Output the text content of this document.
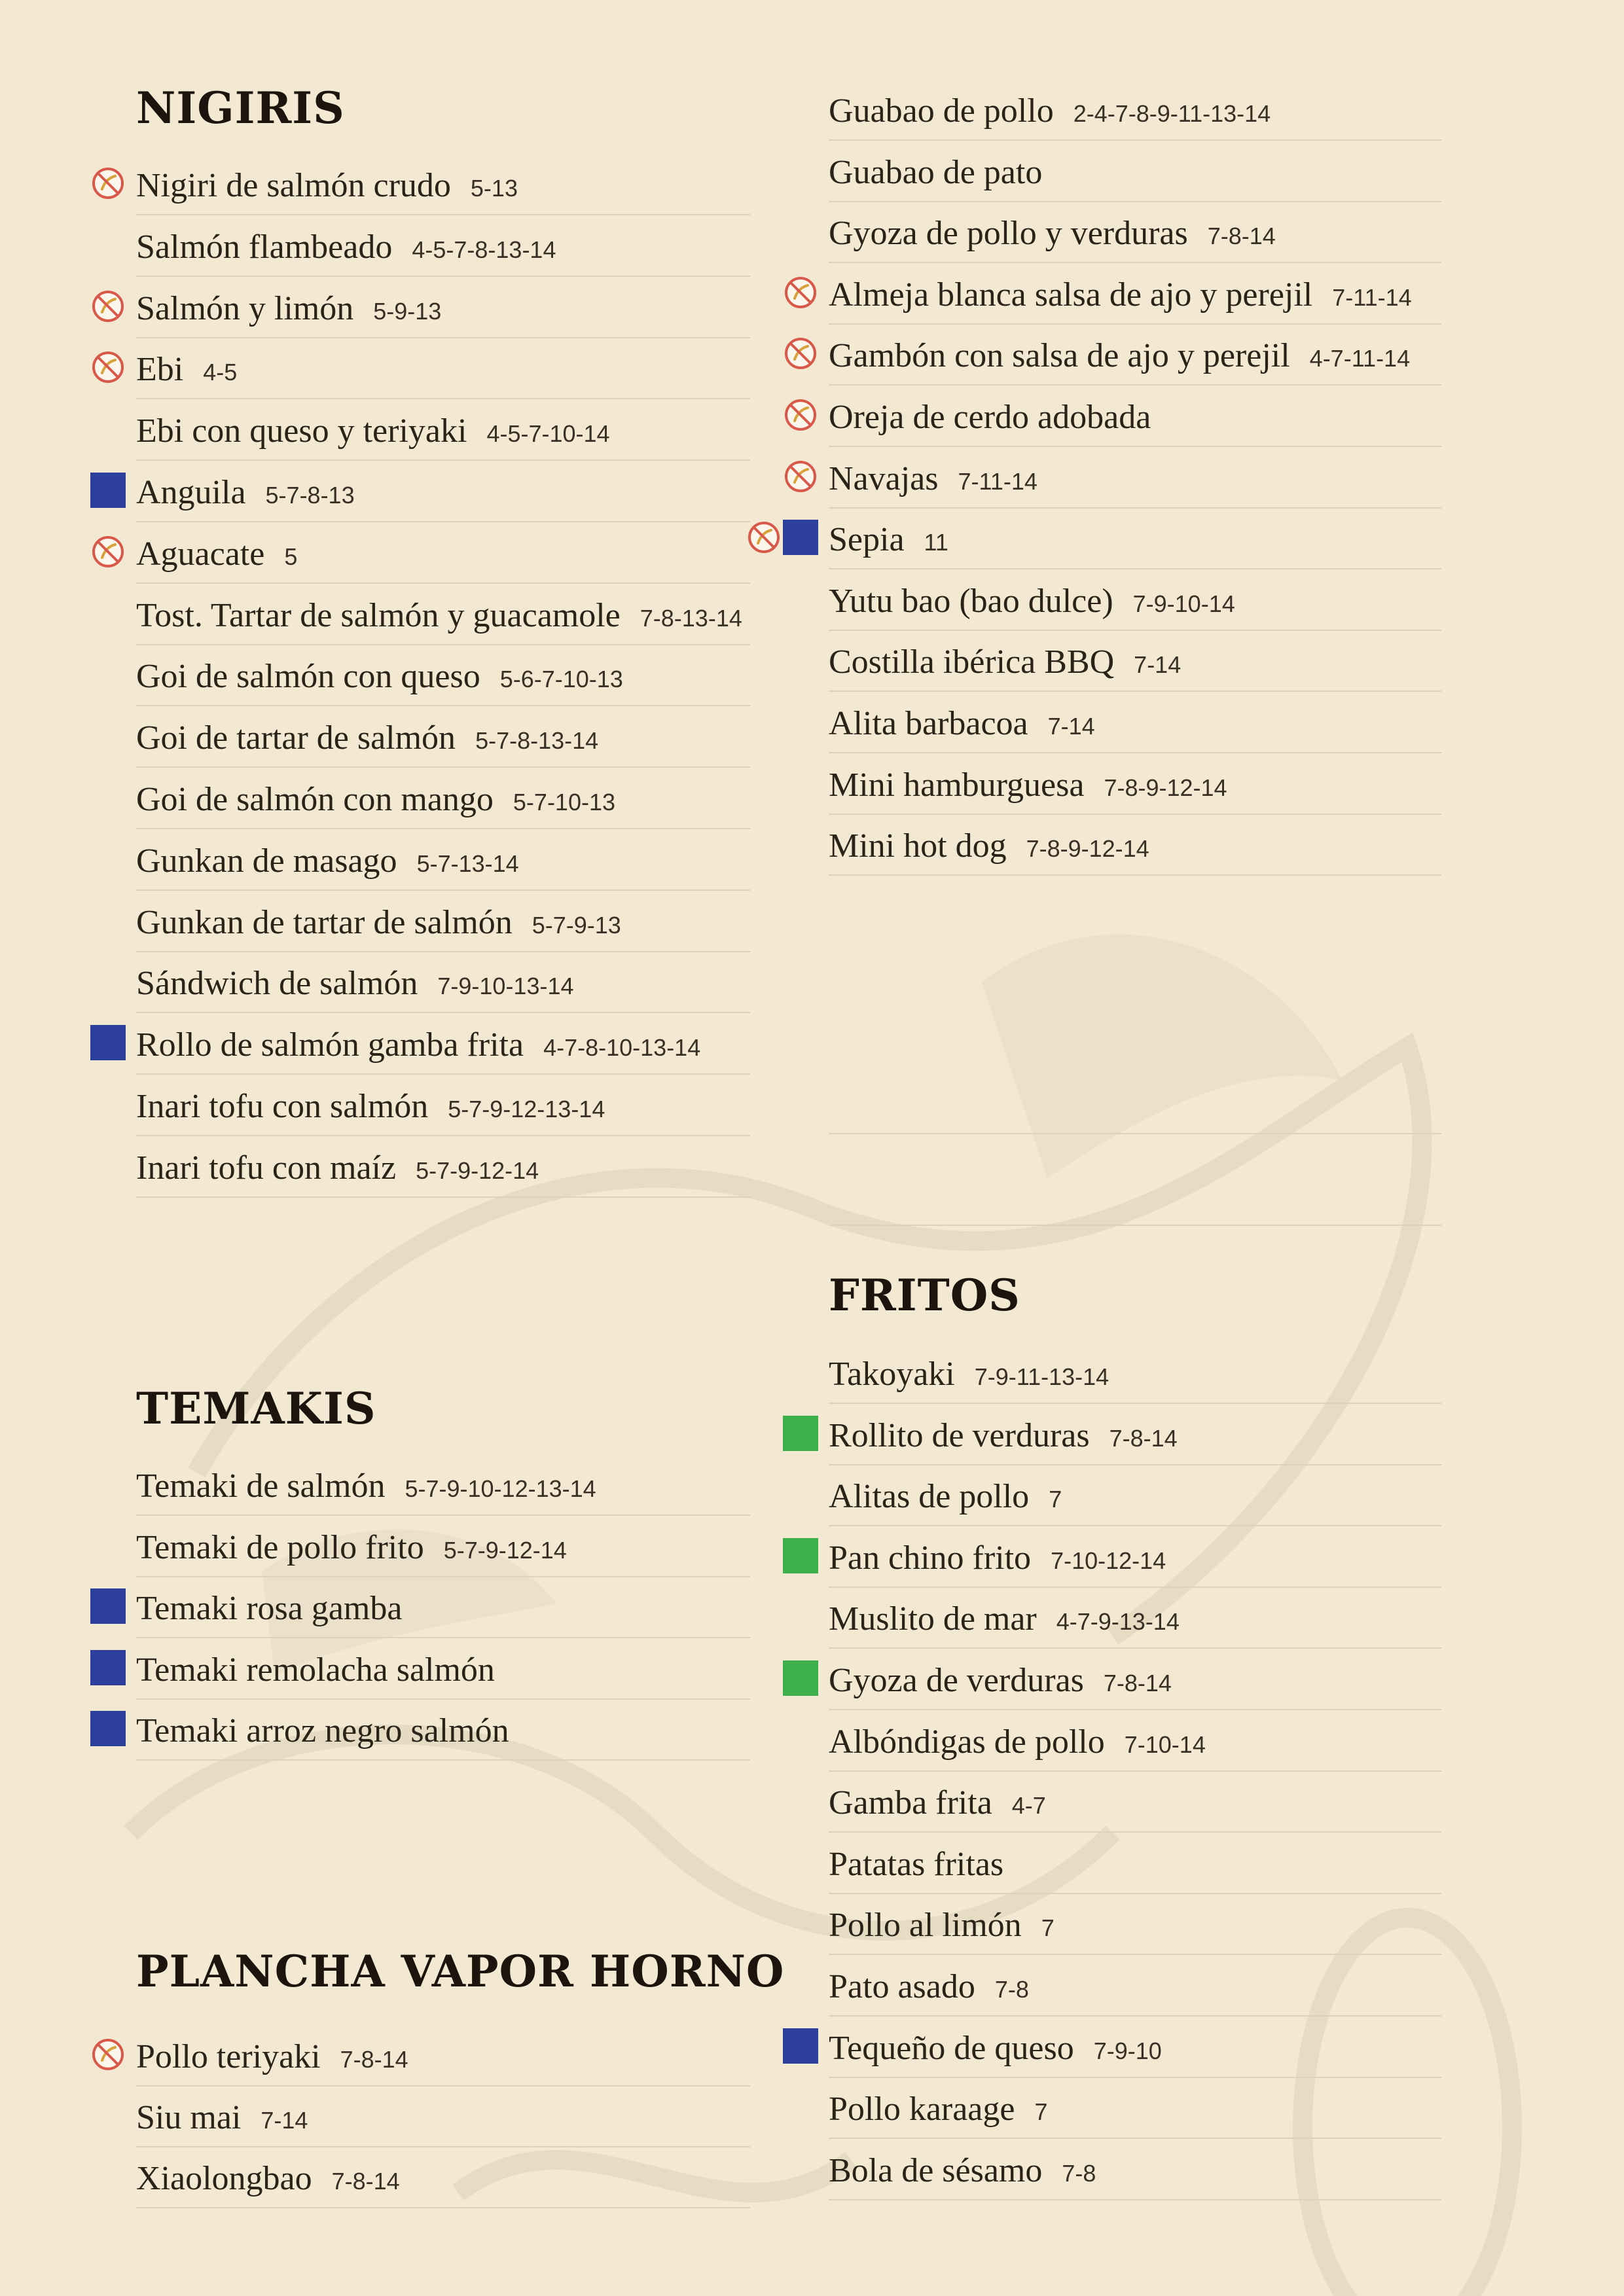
NIGIRIS
Nigiri de salmón crudo 5-13
Salmón flambeado 4-5-7-8-13-14
Salmón y limón 5-9-13
Ebi 4-5
Ebi con queso y teriyaki 4-5-7-10-14
Anguila 5-7-8-13
Aguacate 5
Tost. Tartar de salmón y guacamole 7-8-13-14
Goi de salmón con queso 5-6-7-10-13
Goi de tartar de salmón 5-7-8-13-14
Goi de salmón con mango 5-7-10-13
Gunkan de masago 5-7-13-14
Gunkan de tartar de salmón 5-7-9-13
Sándwich de salmón 7-9-10-13-14
Rollo de salmón gamba frita 4-7-8-10-13-14
Inari tofu con salmón 5-7-9-12-13-14
Inari tofu con maíz 5-7-9-12-14
TEMAKIS
Temaki de salmón 5-7-9-10-12-13-14
Temaki de pollo frito 5-7-9-12-14
Temaki rosa gamba
Temaki remolacha salmón
Temaki arroz negro salmón
PLANCHA VAPOR HORNO
Pollo teriyaki 7-8-14
Siu mai 7-14
Xiaolongbao 7-8-14
Guabao de pollo 2-4-7-8-9-11-13-14
Guabao de pato
Gyoza de pollo y verduras 7-8-14
Almeja blanca salsa de ajo y perejil 7-11-14
Gambón con salsa de ajo y perejil 4-7-11-14
Oreja de cerdo adobada
Navajas 7-11-14
Sepia 11
Yutu bao (bao dulce) 7-9-10-14
Costilla ibérica BBQ 7-14
Alita barbacoa 7-14
Mini hamburguesa 7-8-9-12-14
Mini hot dog 7-8-9-12-14
FRITOS
Takoyaki 7-9-11-13-14
Rollito de verduras 7-8-14
Alitas de pollo 7
Pan chino frito 7-10-12-14
Muslito de mar 4-7-9-13-14
Gyoza de verduras 7-8-14
Albóndigas de pollo 7-10-14
Gamba frita 4-7
Patatas fritas
Pollo al limón 7
Pato asado 7-8
Tequeño de queso 7-9-10
Pollo karaage 7
Bola de sésamo 7-8
